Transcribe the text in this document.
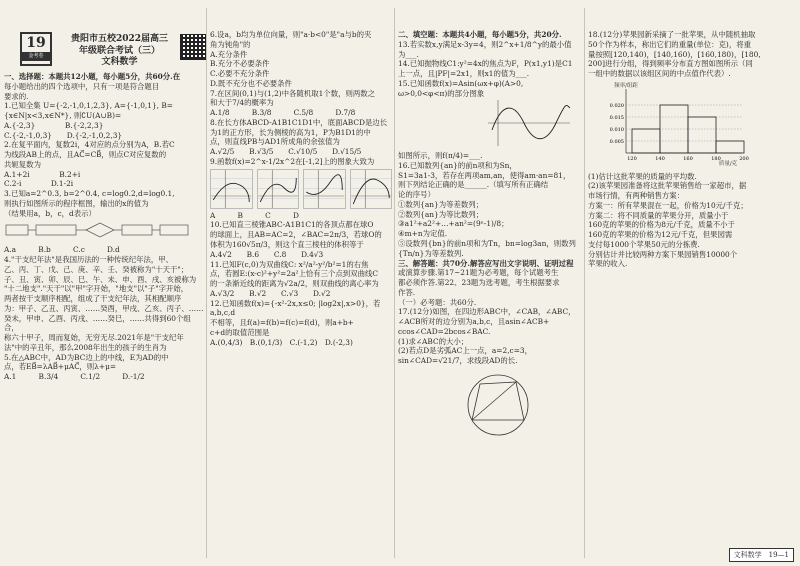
19
金考卷
贵阳市五校2022届高三
年级联合考试（三）
文科数学

一、选择题：本题共12小题，每小题5分，共60分.在

每小题给出的四个选项中，只有一项是符合题目

要求的.

1.已知全集 U={-2,-1,0,1,2,3}, A={-1,0,1}, B={x∈N|x<3,x∈N*}, 则∁U(A∪B)=

A.{-2,3}　　　　B.{-2,2,3}

C.{-2,-1,0,3}　　D.{-2,-1,0,2,3}

2.在复平面内，复数2i，4对应的点分别为A，B.若C

为线段AB上的点，且AC⃗=CB⃗，则点C对应复数的

共轭复数为

A.1+2i　　　　B.2+i

C.2-i　　　　D.1-2i

3.已知a=2^0.3, b=2^0.4, c=log0.2,d=log0.1,

则执行如图所示的程序框图，输出的x的值为

（结果用a，b，c，d表示）

A.a　　　B.b　　　C.c　　　D.d

4."干支纪年法"是我国历法的一种传统纪年法，甲、

乙、丙、丁、戊、己、庚、辛、壬、癸被称为"十天干"；

子、丑、寅、卯、辰、巳、午、未、申、酉、戌、亥被称为

"十二地支"."天干"以"甲"字开始，"地支"以"子"字开始，

两者按干支顺序相配，组成了干支纪年法，其相配顺序

为：甲子、乙丑、丙寅、……癸酉，甲戌、乙亥、丙子、……

癸未，甲申、乙酉、丙戌、……癸巳，……共得到60个组合，

称六十甲子，周而复始，无穷无尽.2021年是"干支纪年

法"中的辛丑年，那么2008年出生的孩子的生肖为

5.在△ABC中，AD为BC边上的中线，E为AD的中

点，若EB⃗=λAB⃗+μAC⃗，则λ+μ=

A.1　　　B.3/4　　　C.1/2　　　D.-1/2

6.设a，b均为单位向量，则"a·b<0"是"a与b的夹

角为钝角"的

A.充分条件

B.充分不必要条件

C.必要不充分条件

D.既不充分也不必要条件

7.在区间(0,1)与(1,2)中各随机取1个数，则两数之

和大于7/4的概率为

A.1/8　　　B.3/8　　　C.5/8　　　D.7/8

8.在长方体ABCD-A1B1C1D1中，底面ABCD是边长

为1的正方形，长为侧棱的高为1，P为B1D1的中

点，则直线PB与AD1所成角的余弦值为

A.√2/5　　B.√3/5　　C.√10/5　　D.√15/5

9.函数f(x)=2^x-1/2x^2在[-1,2]上的图象大致为

A　　　B　　　C　　　D

10.已知直三棱锥ABC-A1B1C1的各顶点都在球O

的球面上，且AB=AC=2，∠BAC=2π/3，若球O的

体积为160√5π/3，则这个直三棱柱的体积等于

A.4√2　　B.6　　C.8　　D.4√3

11.已知F(c,0)为双曲线C: x²/a²-y²/b²=1的右焦

点，若圆E:(x-c)²+y²=2a²上恰有三个点到双曲线C

的一条渐近线的距离为√2a/2，则双曲线的离心率为

A.√3/2　　B.√2　　C.√3　　D.√2

12.已知函数f(x)={-x²-2x,x≤0; |log2x|,x>0}，若a,b,c,d

不相等，且f(a)=f(b)=f(c)=f(d)，则a+b+

c+d的取值范围是

A.(0,4/3)　B.(0,1/3)　C.(-1,2)　D.(-2,3)

二、填空题：本题共4小题，每小题5分，共20分.

13.若实数x,y满足x-3y=4，则2^x+1/8^y的最小值为___.

14.已知抛物线C1:y²=4x的焦点为F，P(x1,y1)是C1

上一点，且|PF|=2x1，则x1的值为___.

15.已知函数f(x)=Asin(ωx+φ)(A>0,

ω>0,0<φ<π)的部分图象

如图所示，则f(π/4)=___.

16.已知数列{an}的前n项和为Sn，

S1=3a1-3，若存在两项am,an，使得am·an=81，

则下列结论正确的是______.（填写所有正确结

论的序号）

①数列{an}为等差数列；

②数列{an}为等比数列；

③a1²+a2²+…+an²=(9ⁿ-1)/8；

④m+n为定值.

⑤设数列{bn}的前n项和为Tn，bn=log3an，则数列

{Tn/n}为等差数列.

三、解答题：共70分.解答应写出文字说明、证明过程

或演算步骤.第17~21题为必考题，每个试题考生

都必须作答.第22、23题为选考题，考生根据要求

作答.

（一）必考题：共60分.

17.(12分)如图，在四边形ABC中，∠CAB，∠ABC，

∠ACB所对的边分别为a,b,c，且asin∠ACB+

ccos∠CAD=2bcos∠BAC.

(1)求∠ABC的大小；

(2)若点D是劣弧AC上一点，a=2,c=3，

sin∠CAD=√21/7，求线段AD的长.

18.(12分)苹果园新采摘了一批苹果，从中随机抽取

50个作为样本，称出它们的重量(单位：克)，将重

量按照[120,140)，[140,160)，[160,180)，[180,

200]进行分组，得到频率分布直方图如图所示（同

一组中的数据以该组区间的中点值作代表）.

频率/组距
质量/克
0.005
0.010
0.015
0.020
120	140	160	180	200

(1)估计这批苹果的质量的平均数.

(2)该苹果园准备将这批苹果销售给一家超市，据

市场行情，有两种销售方案：

方案一：所有苹果混在一起，价格为10元/千克；

方案二：将不同质量的苹果分开，质量小于

160克的苹果的价格为8元/千克，质量不小于

160克的苹果的价格为12元/千克，但果园需

支付每1000个苹果50元的分拣费.

分别估计并比较两种方案下果园销售10000个

苹果的收入.

文科数学　19—1
